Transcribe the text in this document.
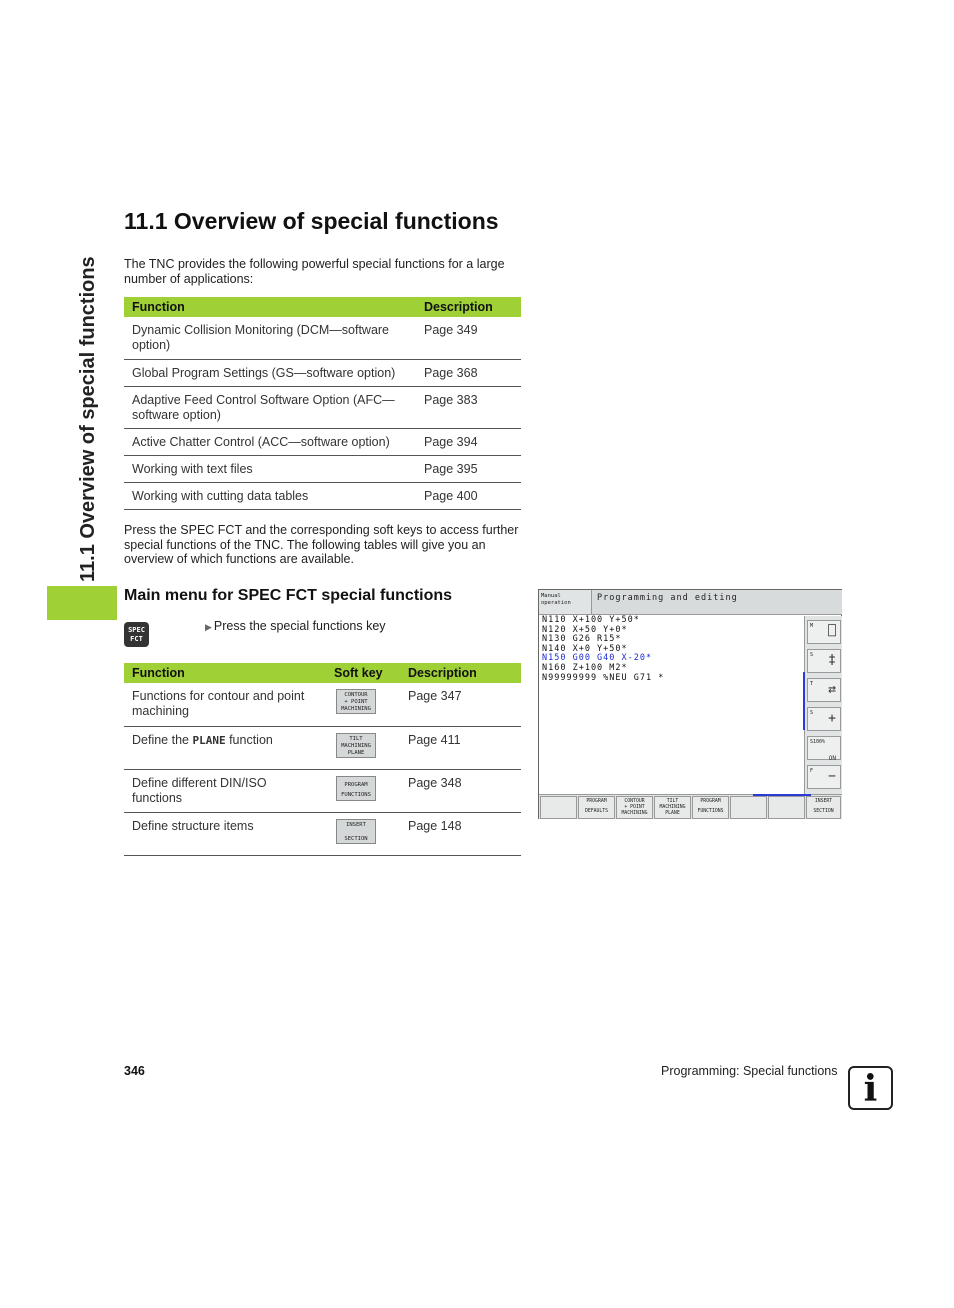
11.1 Overview of special functions
11.1 Overview of special functions

The TNC provides the following powerful special functions for a large number of applications:

Function	Description
Dynamic Collision Monitoring (DCM—software option)	Page 349
Global Program Settings (GS—software option)	Page 368
Adaptive Feed Control Software Option (AFC—software option)	Page 383
Active Chatter Control (ACC—software option)	Page 394
Working with text files	Page 395
Working with cutting data tables	Page 400

Press the SPEC FCT and the corresponding soft keys to access further special functions of the TNC. The following tables will give you an overview of which functions are available.

Main menu for SPEC FCT special functions
SPEC
FCT
▶ Press the special functions key
Function	Soft key	Description
Functions for contour and point machining	CONTOUR
+ POINT
MACHINING	Page 347
Define the PLANE function	TILT
MACHINING
PLANE	Page 411
Define different DIN/ISO functions	PROGRAM
FUNCTIONS	Page 348
Define structure items	INSERT
SECTION	Page 148
Manual
operation	Programming and editing
N110 X+100 Y+50*
N120 X+50 Y+0*
N130 G26 R15*
N140 X+0 Y+50*
N150 G00 G40 X-20*
N160 Z+100 M2*
N99999999 %NEU G71 *
M ⎕
S ‡
T ⇄
S +
S100%
ON
F −
PROGRAM
DEFAULTS
CONTOUR
+ POINT
MACHINING
TILT
MACHINING
PLANE
PROGRAM
FUNCTIONS
INSERT
SECTION
346	Programming: Special functions i
